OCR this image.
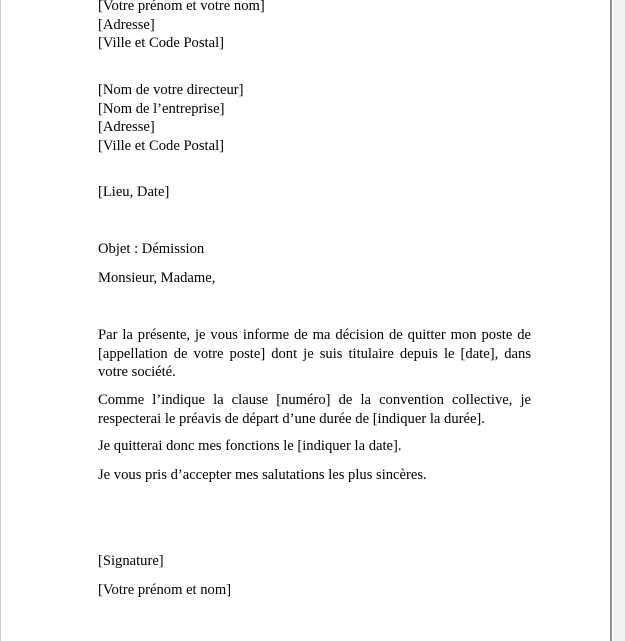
[Votre prénom et votre nom]
[Adresse]
[Ville et Code Postal]
[Nom de votre directeur]
[Nom de l’entreprise]
[Adresse]
[Ville et Code Postal]

[Lieu, Date]

Objet : Démission

Monsieur, Madame,

Par la présente, je vous informe de ma décision de quitter mon poste de [appellation de votre poste] dont je suis titulaire depuis le [date], dans votre société.

Comme l’indique la clause [numéro] de la convention collective, je respecterai le préavis de départ d’une durée de [indiquer la durée].

Je quitterai donc mes fonctions le [indiquer la date].

Je vous pris d’accepter mes salutations les plus sincères.

[Signature]

[Votre prénom et nom]
